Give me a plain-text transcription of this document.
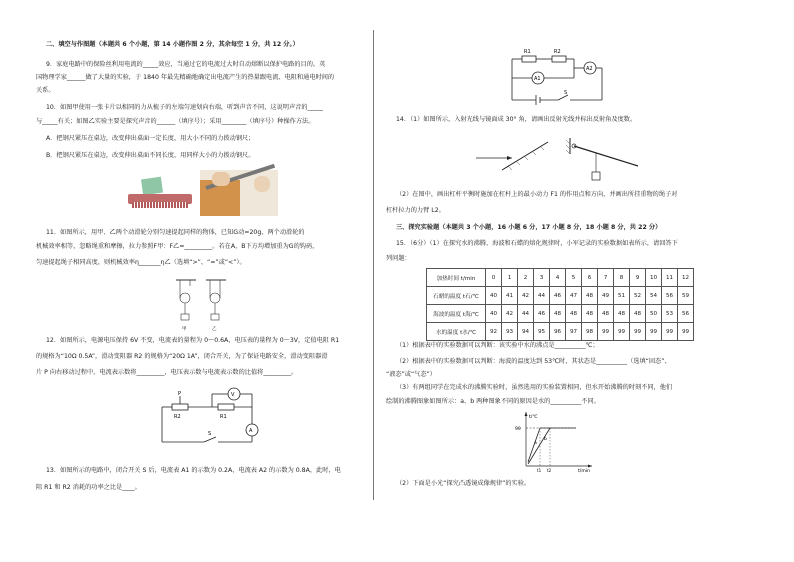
二、填空与作图题（本题共 6 个小题，第 14 小题作图 2 分，其余每空 1 分，共 12 分。）
9．家庭电路中的保险丝利用电流的_____效应，当通过它的电流过大时自动熔断以保护电路的目的。英
国物理学家______做了大量的实验，于 1840 年最先精确地确定出电流产生的热量跟电流、电阻和通电时间的
关系。
10．如图甲使用一张卡片以相同的力从梳子的左端匀速划向右端，听到声音不同，这说明声音的_____
与_____有关；如图乙实验主要是探究声音的______（填序号）；采用________（填序号）种操作方法。
A．把钢尺紧压在桌边，改变伸出桌面一定长度，用大小不同的力拨动钢尺；
B．把钢尺紧压在桌边，改变伸出桌面不同长度，用同样大小的力拨动钢尺。
11．如图所示，用甲、乙两个动滑轮分别匀速提起同样的物体，已知G动=20g，两个动滑轮的
机械效率相等，忽略绳重和摩擦，拉力参照F甲：F乙=_________。若在A，B下方均增加重为G的钩码，
匀速提起绳子相同高度，则机械效率η_______η乙（选填“>”、“=”或“<”）。
甲	乙
12．如图所示，电源电压保持 6V 不变，电流表的量程为 0～0.6A，电压表的量程为 0～3V，定值电阻 R1
的规格为“10Ω 0.5A”，滑动变阻器 R2 的规格为“20Ω 1A”，闭合开关，为了保证电路安全，滑动变阻器滑
片 P 向右移动过程中，电流表示数将_________，电压表示数与电流表示数的比值将_________。
P
R2	R1
V
A
S
13．如图所示的电路中，闭合开关 S 后，电流表 A1 的示数为 0.2A，电流表 A2 的示数为 0.8A，此时，电
阻 R1 和 R2 消耗的功率之比是____。
R1	R2
A1
A2
S
14．（1）如图所示，入射光线与镜面成 30° 角，请画出反射光线并标出反射角及度数。
（2）在图中，画出杠杆平衡时施加在杠杆上的最小动力 F1 的作用点和方向，并画出所挂重物的绳子对
杠杆拉力的力臂 L2。
三、探究实验题（本题共 3 个小题，16 小题 6 分，17 小题 8 分，18 小题 8 分，共 22 分）
15．（6分）（1）在探究水的沸腾、海波和石蜡的熔化规律时，小军记录的实验数据如表所示，请回答下
列问题：
加热时间 t/min	0	1	2	3	4	5	6	7	8	9	10	11	12
石蜡的温度 t石/℃	40	41	42	44	46	47	48	49	51	52	54	56	59
海波的温度 t海/℃	40	42	44	46	48	48	48	48	48	48	50	53	56
水的温度 t水/℃	92	93	94	95	96	97	98	99	99	99	99	99	99
（1）根据表中的实验数据可以判断：该实验中水的沸点是__________℃；
（2）根据表中的实验数据可以判断：海波的温度达到 53℃时，其状态是__________（选填“固态”、
“液态”或“气态”）
（3）有两组同学在完成水的沸腾实验时，虽然选用的实验装置相同，但水开始沸腾的时刻不同，他们
绘制的沸腾图象如图所示：a、b 两种图象不同的原因是水的__________不同。
t/℃
99
a
b
t1 t2	t/min
（2）下面是小光“探究凸透镜成像规律”的实验。
